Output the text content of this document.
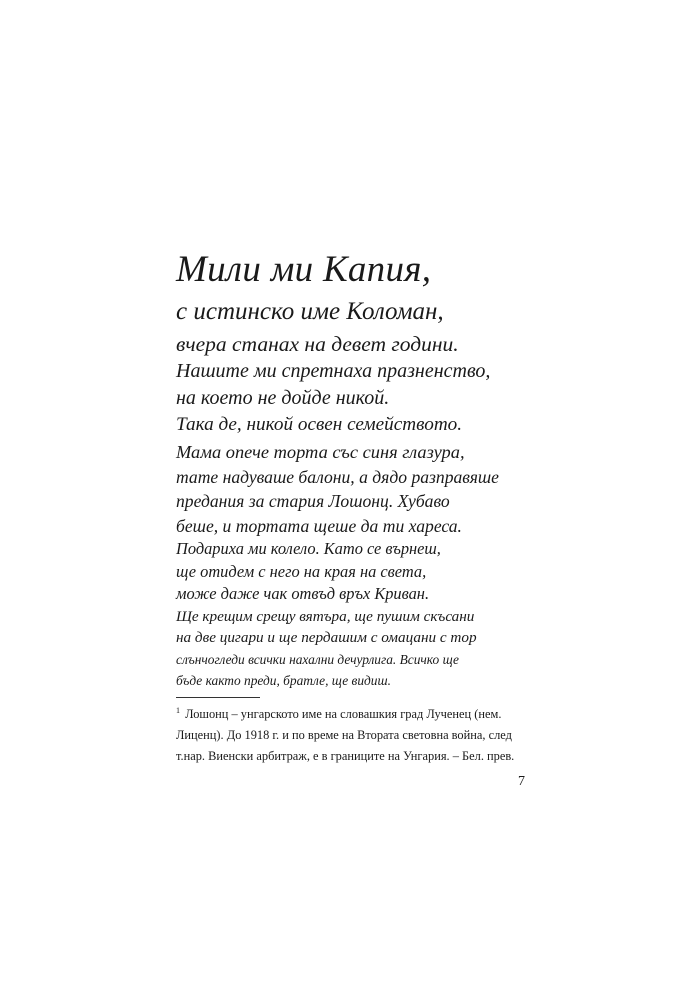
Мили ми Капия,
с истинско име Коломан,
вчера станах на девет години.
Нашите ми спретнаха празненство,
на което не дойде никой.
Така де, никой освен семейството.
Мама опече торта със синя глазура,
тате надуваше балони, а дядо разправяше
предания за стария Лошонц. Хубаво
беше, и тортата щеше да ти хареса.
Подариха ми колело. Като се върнеш,
ще отидем с него на края на света,
може даже чак отвъд връх Криван.
Ще крещим срещу вятъра, ще пушим скъсани
на две цигари и ще пердашим с омацани с тор
слънчогледи всички нахални дечурлига. Всичко ще
бъде както преди, братле, ще видиш.
$^1$ Лошонц – унгарското име на словашкия град Лученец (нем.
Лиценц). До 1918 г. и по време на Втората световна война, след
т.нар. Виенски арбитраж, е в границите на Унгария. – Бел. прев.
7
